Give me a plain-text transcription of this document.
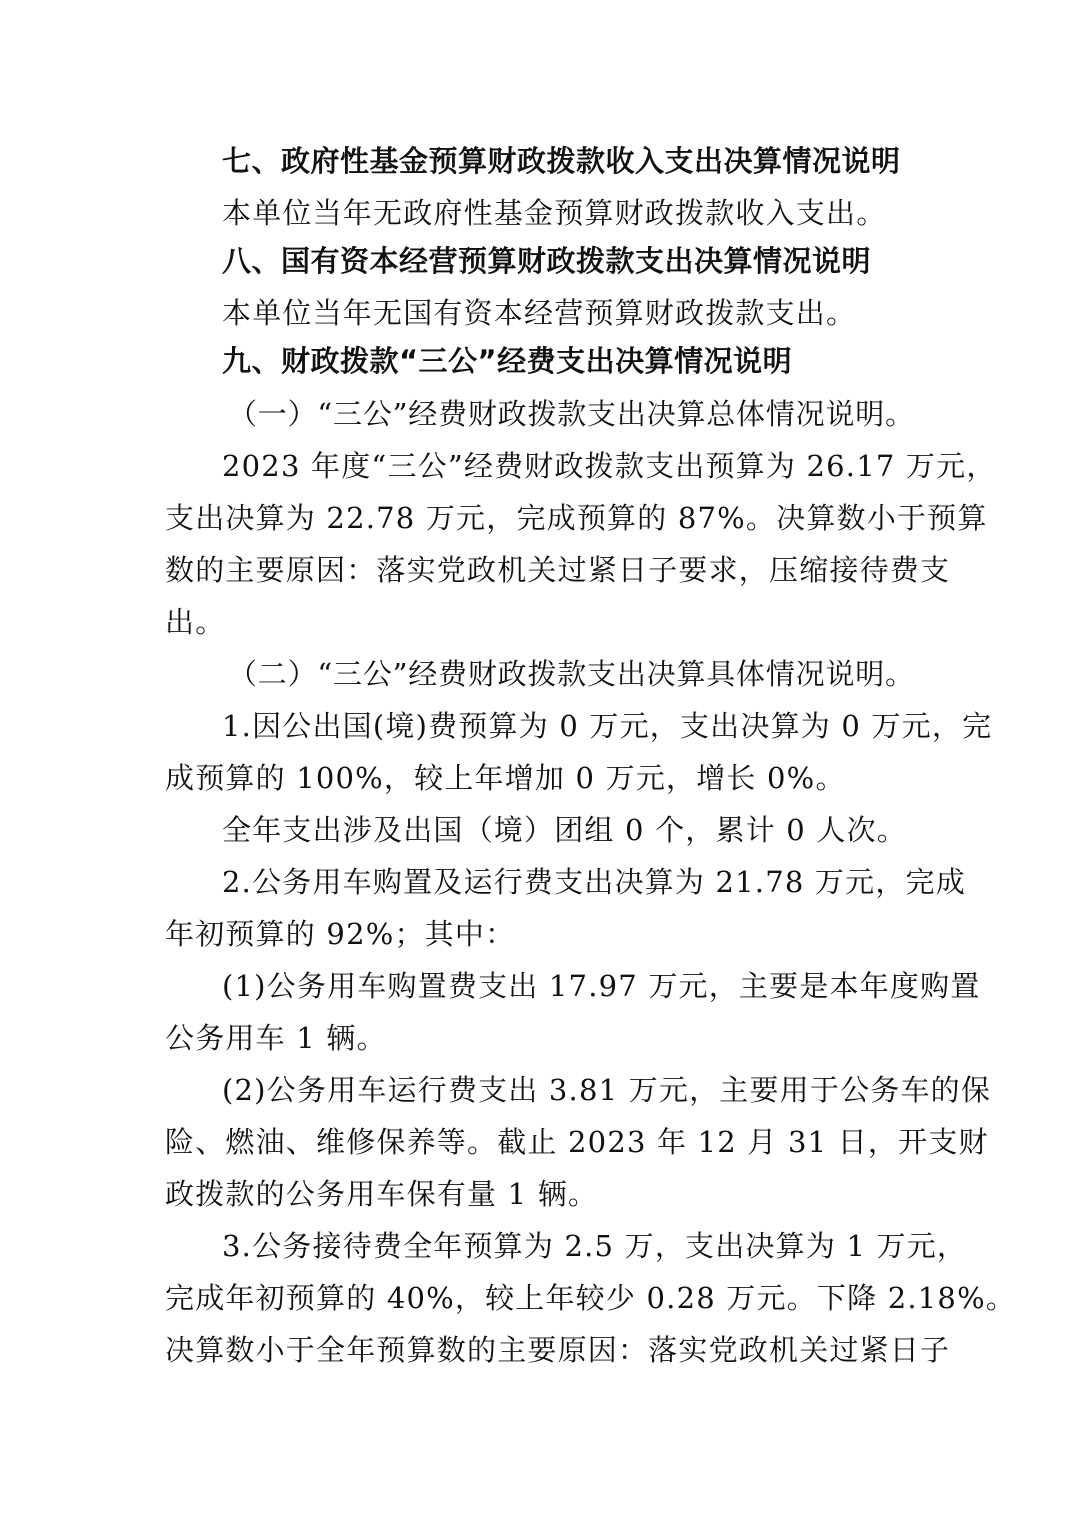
七、政府性基金预算财政拨款收入支出决算情况说明
本单位当年无政府性基金预算财政拨款收入支出。
八、国有资本经营预算财政拨款支出决算情况说明
本单位当年无国有资本经营预算财政拨款支出。
九、财政拨款“三公”经费支出决算情况说明
（一）“三公”经费财政拨款支出决算总体情况说明。
2023 年度“三公”经费财政拨款支出预算为 26.17 万元，
支出决算为 22.78 万元，完成预算的 87%。决算数小于预算
数的主要原因：落实党政机关过紧日子要求，压缩接待费支
出。
（二）“三公”经费财政拨款支出决算具体情况说明。
1.因公出国(境)费预算为 0 万元，支出决算为 0 万元，完
成预算的 100%，较上年增加 0 万元，增长 0%。
全年支出涉及出国（境）团组 0 个，累计 0 人次。
2.公务用车购置及运行费支出决算为 21.78 万元，完成
年初预算的 92%；其中：
(1)公务用车购置费支出 17.97 万元，主要是本年度购置
公务用车 1 辆。
(2)公务用车运行费支出 3.81 万元，主要用于公务车的保
险、燃油、维修保养等。截止 2023 年 12 月 31 日，开支财
政拨款的公务用车保有量 1 辆。
3.公务接待费全年预算为 2.5 万，支出决算为 1 万元，
完成年初预算的 40%，较上年较少 0.28 万元。下降 2.18%。
决算数小于全年预算数的主要原因：落实党政机关过紧日子
